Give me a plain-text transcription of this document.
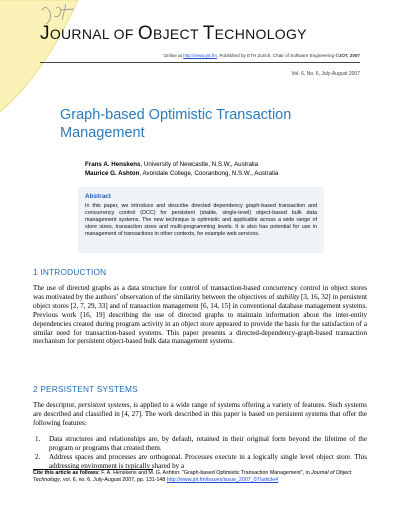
JOURNAL OF OBJECT TECHNOLOGY
Online at http://www.jot.fm. Published by ETH Zurich, Chair of Software Engineering ©JOT, 2007
Vol. 6, No. 6, July-August 2007
Graph-based Optimistic Transaction Management
Frans A. Henskens, University of Newcastle, N.S.W., Australia
Maurice G. Ashton, Avondale College, Cooranbong, N.S.W., Australia
Abstract
In this paper, we introduce and describe directed dependency graph-based transaction and concurrency control (DCC) for persistent (stable, single-level) object-based bulk data management systems. The new technique is optimistic and applicable across a wide range of store sizes, transaction sizes and multi-programming levels. It is also has potential for use in management of transactions in other contexts, for example web services.
1 INTRODUCTION
The use of directed graphs as a data structure for control of transaction-based concurrency control in object stores was motivated by the authors’ observation of the similarity between the objectives of stability [3, 16, 32] in persistent object stores [2, 7, 29, 33] and of transaction management [6, 14, 15] in conventional database management systems. Previous work [16, 19] describing the use of directed graphs to maintain information about the inter-entity dependencies created during program activity in an object store appeared to provide the basis for the satisfaction of a similar need for transaction-based systems. This paper presents a directed-dependency-graph-based transaction mechanism for persistent object-based bulk data management systems.
2 PERSISTENT SYSTEMS
The descriptor, persistent systems, is applied to a wide range of systems offering a variety of features. Such systems are described and classified in [4, 27]. The work described in this paper is based on persistent systems that offer the following features:
1. Data structures and relationships are, by default, retained in their original form beyond the lifetime of the program or programs that created them.
2. Address spaces and processes are orthogonal. Processes execute in a logically single level object store. This addressing environment is typically shared by a
Cite this article as follows: F. A. Henskens and M. G. Ashton: "Graph-based Optimistic Transaction Management", in Journal of Object Technology, vol. 6, no. 6, July-August 2007, pp. 131-148 http://www.jot.fm/issues/issue_2007_07/article4
